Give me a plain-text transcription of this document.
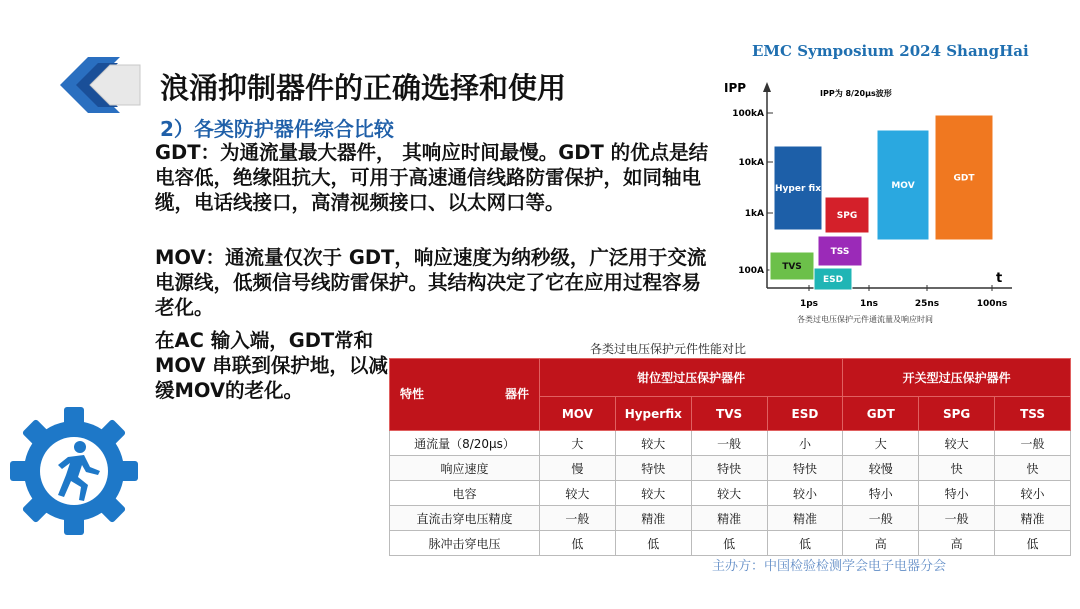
浪涌抑制器件的正确选择和使用
EMC Symposium 2024 ShangHai
2）各类防护器件综合比较
GDT：为通流量最大器件， 其响应时间最慢。GDT 的优点是结电容低，绝缘阻抗大，可用于高速通信线路防雷保护，如同轴电缆，电话线接口，高清视频接口、以太网口等。
MOV：通流量仅次于 GDT，响应速度为纳秒级，广泛用于交流电源线，低频信号线防雷保护。其结构决定了它在应用过程容易老化。
在AC 输入端，GDT常和MOV 串联到保护地，以减缓MOV的老化。
IPP
t
IPP为 8/20μs波形
100A
1kA
10kA
100kA
1ps	1ns	25ns	100ns
Hyper fix
SPG
TSS
TVS
ESD
MOV
GDT
各类过电压保护元件通流量及响应时间
各类过电压保护元件性能对比
特性 器件	钳位型过压保护器件				开关型过压保护器件		
	MOV	Hyperfix	TVS	ESD	GDT	SPG	TSS
通流量（8/20μs）	大	较大	一般	小	大	较大	一般
响应速度	慢	特快	特快	特快	较慢	快	快
电容	较大	较大	较大	较小	特小	特小	较小
直流击穿电压精度	一般	精准	精准	精准	一般	一般	精准
脉冲击穿电压	低	低	低	低	高	高	低
主办方：中国检验检测学会电子电器分会
